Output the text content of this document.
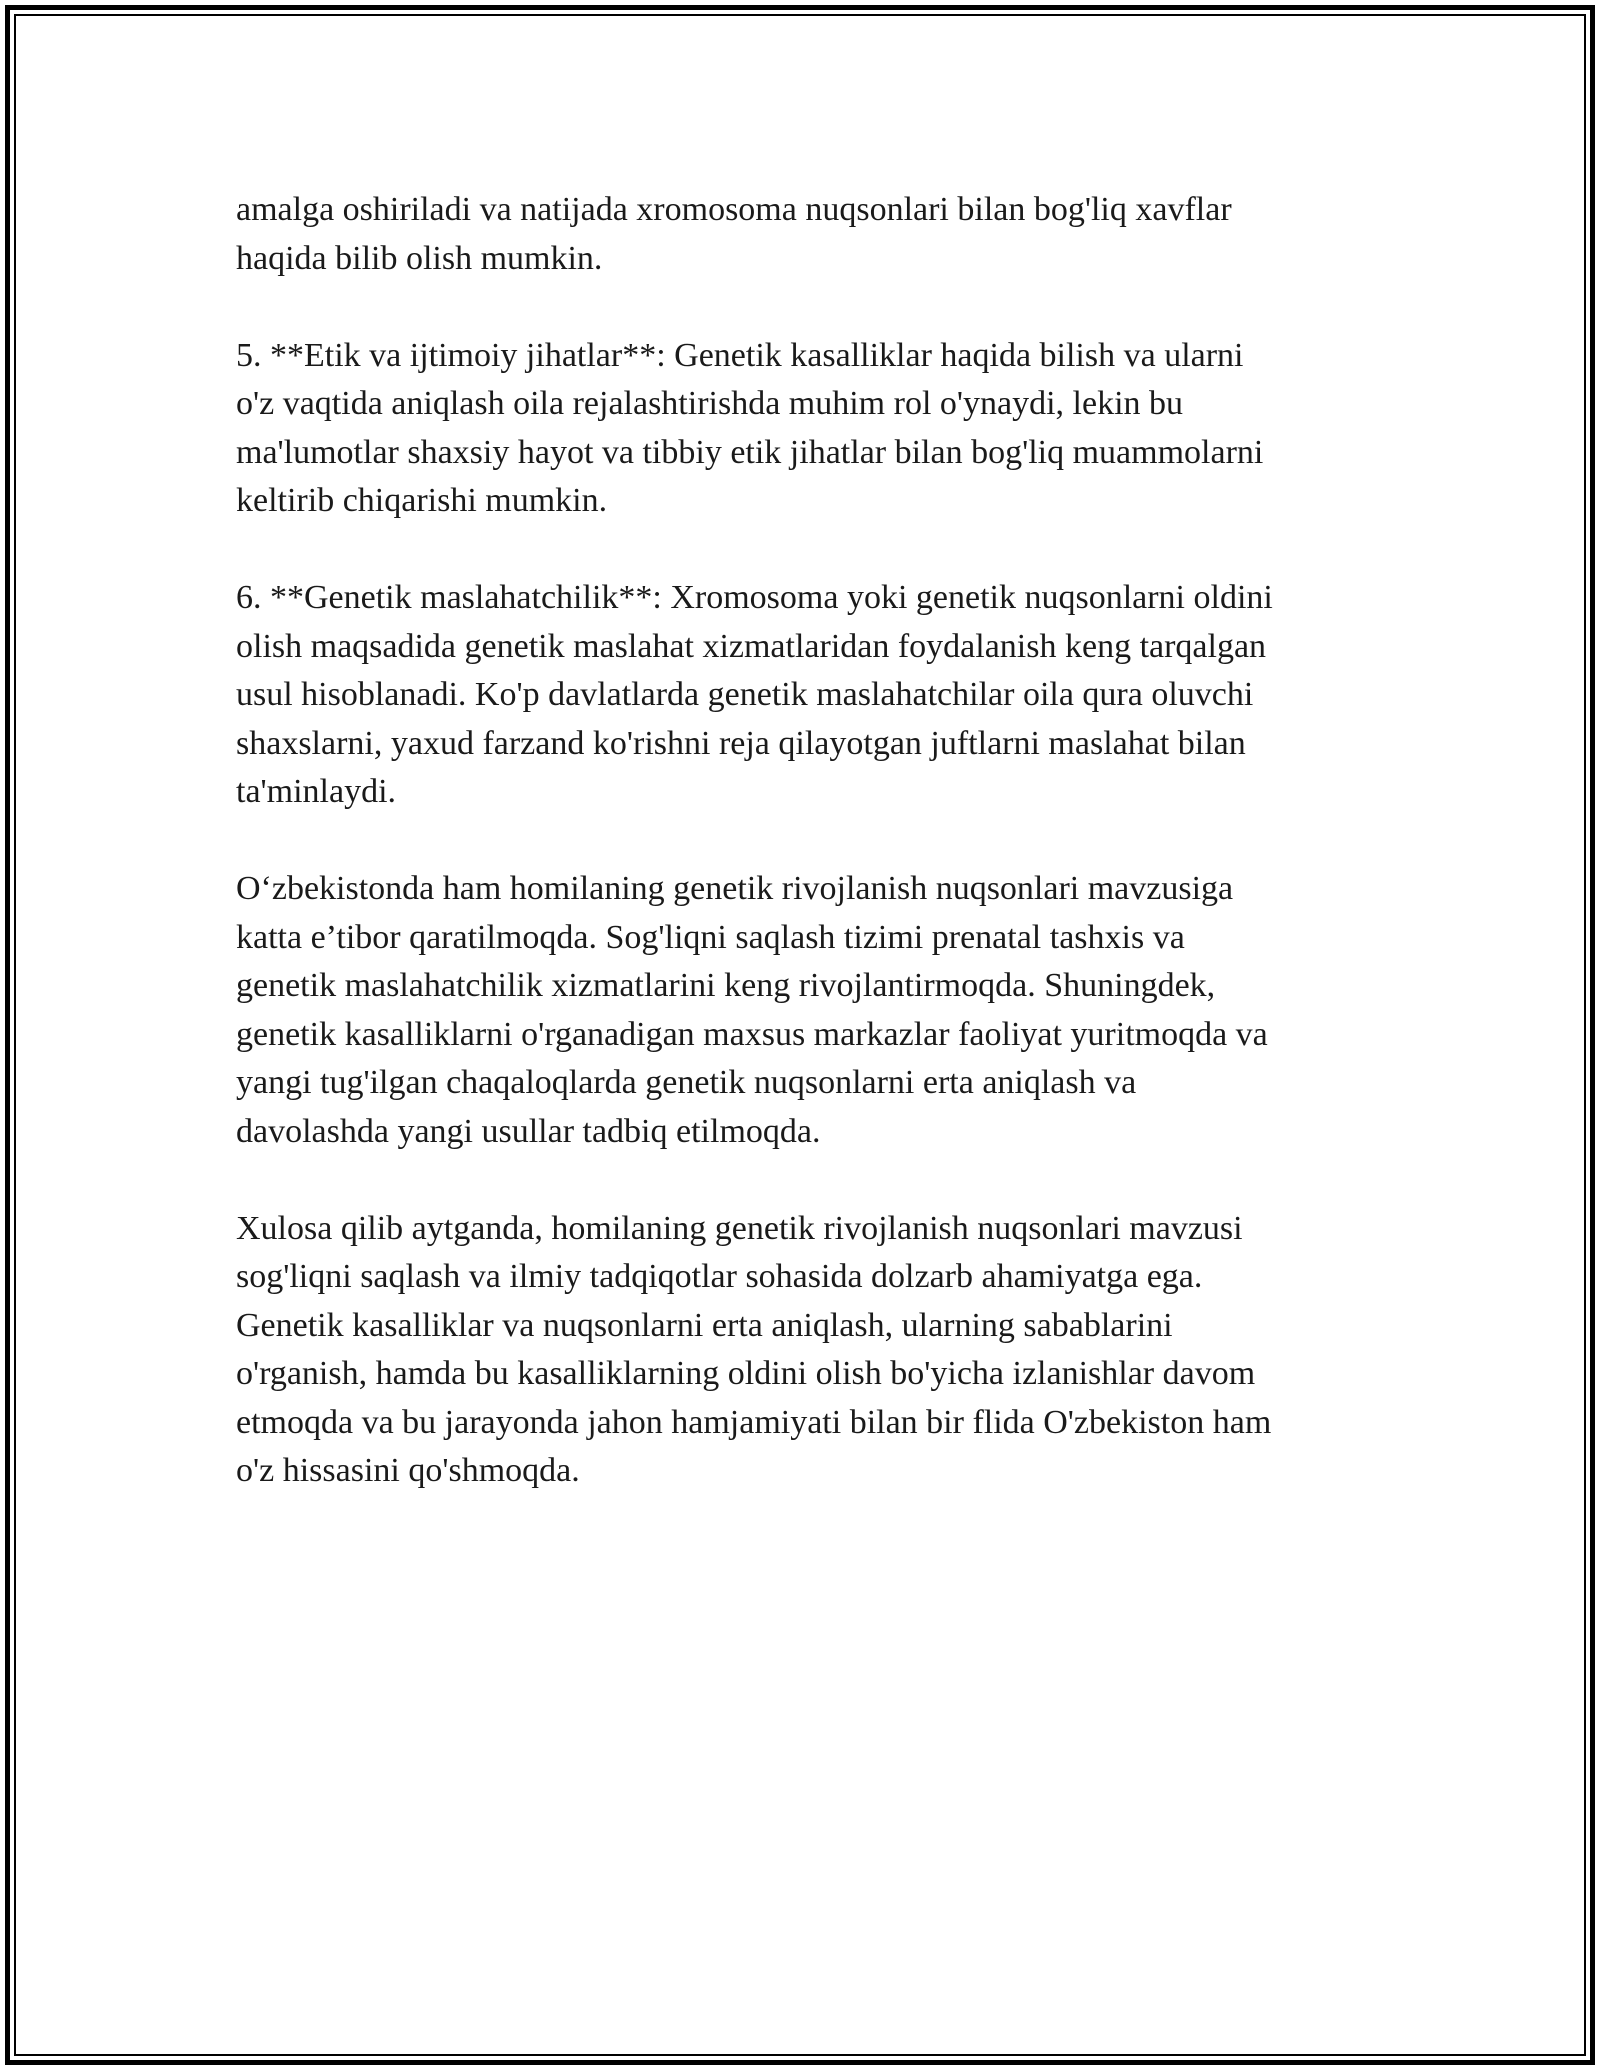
amalga oshiriladi va natijada xromosoma nuqsonlari bilan bog'liq xavflar
haqida bilib olish mumkin.

5. **Etik va ijtimoiy jihatlar**: Genetik kasalliklar haqida bilish va ularni
o'z vaqtida aniqlash oila rejalashtirishda muhim rol o'ynaydi, lekin bu
ma'lumotlar shaxsiy hayot va tibbiy etik jihatlar bilan bog'liq muammolarni
keltirib chiqarishi mumkin.

6. **Genetik maslahatchilik**: Xromosoma yoki genetik nuqsonlarni oldini
olish maqsadida genetik maslahat xizmatlaridan foydalanish keng tarqalgan
usul hisoblanadi. Ko'p davlatlarda genetik maslahatchilar oila qura oluvchi
shaxslarni, yaxud farzand ko'rishni reja qilayotgan juftlarni maslahat bilan
ta'minlaydi.

O‘zbekistonda ham homilaning genetik rivojlanish nuqsonlari mavzusiga
katta e’tibor qaratilmoqda. Sog'liqni saqlash tizimi prenatal tashxis va
genetik maslahatchilik xizmatlarini keng rivojlantirmoqda. Shuningdek,
genetik kasalliklarni o'rganadigan maxsus markazlar faoliyat yuritmoqda va
yangi tug'ilgan chaqaloqlarda genetik nuqsonlarni erta aniqlash va
davolashda yangi usullar tadbiq etilmoqda.

Xulosa qilib aytganda, homilaning genetik rivojlanish nuqsonlari mavzusi
sog'liqni saqlash va ilmiy tadqiqotlar sohasida dolzarb ahamiyatga ega.
Genetik kasalliklar va nuqsonlarni erta aniqlash, ularning sabablarini
o'rganish, hamda bu kasalliklarning oldini olish bo'yicha izlanishlar davom
etmoqda va bu jarayonda jahon hamjamiyati bilan bir flida O'zbekiston ham
o'z hissasini qo'shmoqda.
